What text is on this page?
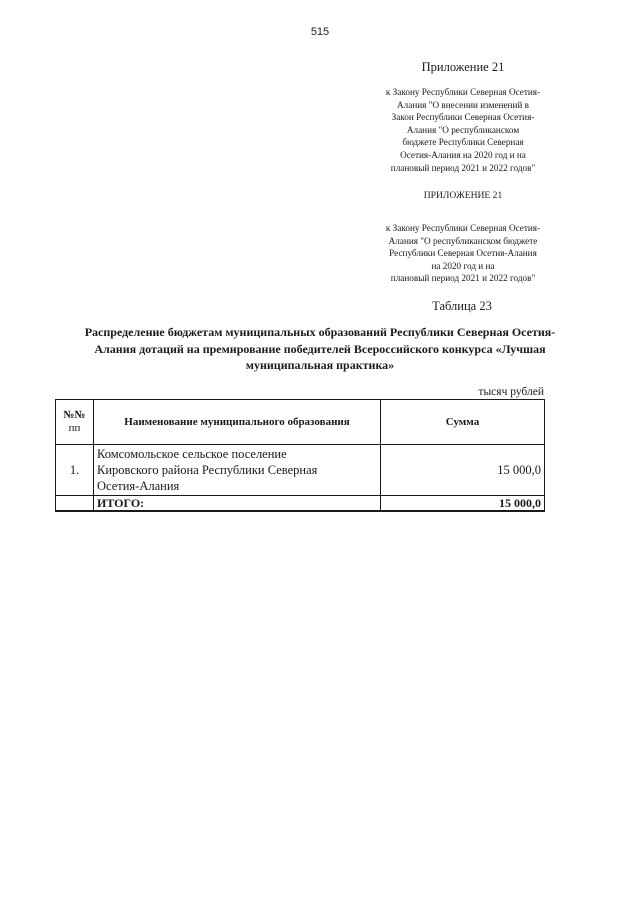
515
Приложение 21
к Закону Республики Северная Осетия-
Алания "О внесении изменений в
Закон Республики Северная Осетия-
Алания "О республиканском
бюджете Республики Северная
Осетия-Алания на 2020 год и на
плановый период 2021 и 2022 годов"
ПРИЛОЖЕНИЕ 21
к Закону Республики Северная Осетия-
Алания "О республиканском бюджете
Республики Северная Осетия-Алания
на 2020 год и на
плановый период 2021 и 2022 годов"
Таблица 23
Распределение бюджетам муниципальных образований Республики Северная Осетия-
Алания дотаций на премирование победителей Всероссийского конкурса «Лучшая
муниципальная практика»
тысяч рублей
№№
пп	Наименование муниципального образования	Сумма
1.	Комсомольское сельское поселение
Кировского района Республики Северная
Осетия-Алания	15 000,0
	ИТОГО:	15 000,0
